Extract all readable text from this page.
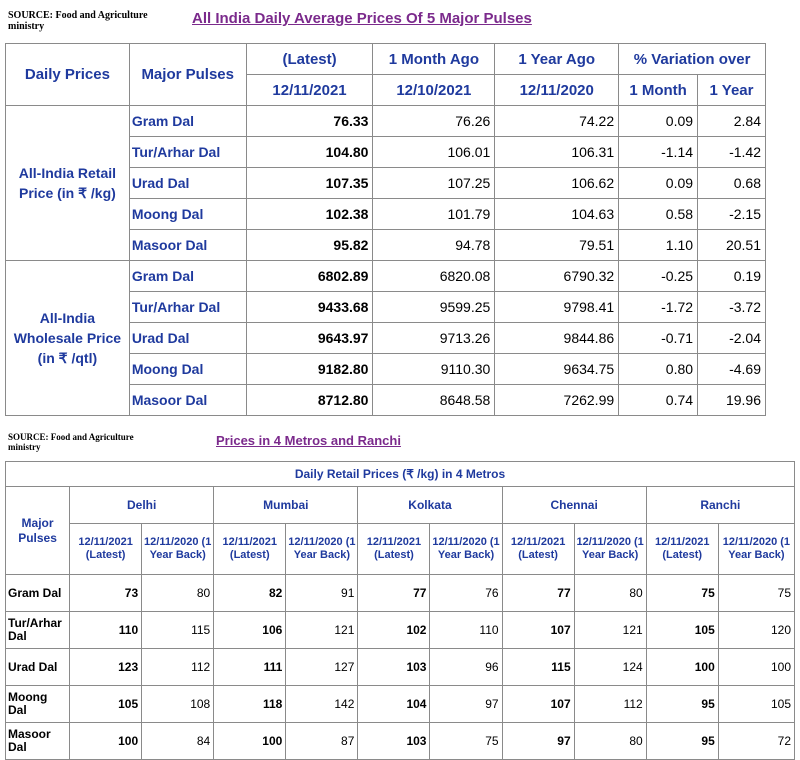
SOURCE: Food and Agriculture
ministry	All India Daily Average Prices Of 5 Major Pulses
Daily Prices	Major Pulses	(Latest)	1 Month Ago	1 Year Ago	% Variation over	
		12/11/2021	12/10/2021	12/11/2020	1 Month	1 Year
All-India Retail Price (in ₹ /kg)	Gram Dal	76.33	76.26	74.22	0.09	2.84
	Tur/Arhar Dal	104.80	106.01	106.31	-1.14	-1.42
	Urad Dal	107.35	107.25	106.62	0.09	0.68
	Moong Dal	102.38	101.79	104.63	0.58	-2.15
	Masoor Dal	95.82	94.78	79.51	1.10	20.51
All-India Wholesale Price (in ₹ /qtl)	Gram Dal	6802.89	6820.08	6790.32	-0.25	0.19
	Tur/Arhar Dal	9433.68	9599.25	9798.41	-1.72	-3.72
	Urad Dal	9643.97	9713.26	9844.86	-0.71	-2.04
	Moong Dal	9182.80	9110.30	9634.75	0.80	-4.69
	Masoor Dal	8712.80	8648.58	7262.99	0.74	19.96
SOURCE: Food and Agriculture
ministry	Prices in 4 Metros and Ranchi
Daily Retail Prices (₹ /kg) in 4 Metros										
Major Pulses	Delhi		Mumbai		Kolkata		Chennai		Ranchi	
	12/11/2021 (Latest)	12/11/2020 (1 Year Back)	12/11/2021 (Latest)	12/11/2020 (1 Year Back)	12/11/2021 (Latest)	12/11/2020 (1 Year Back)	12/11/2021 (Latest)	12/11/2020 (1 Year Back)	12/11/2021 (Latest)	12/11/2020 (1 Year Back)
Gram Dal	73	80	82	91	77	76	77	80	75	75
Tur/Arhar Dal	110	115	106	121	102	110	107	121	105	120
Urad Dal	123	112	111	127	103	96	115	124	100	100
Moong Dal	105	108	118	142	104	97	107	112	95	105
Masoor Dal	100	84	100	87	103	75	97	80	95	72
